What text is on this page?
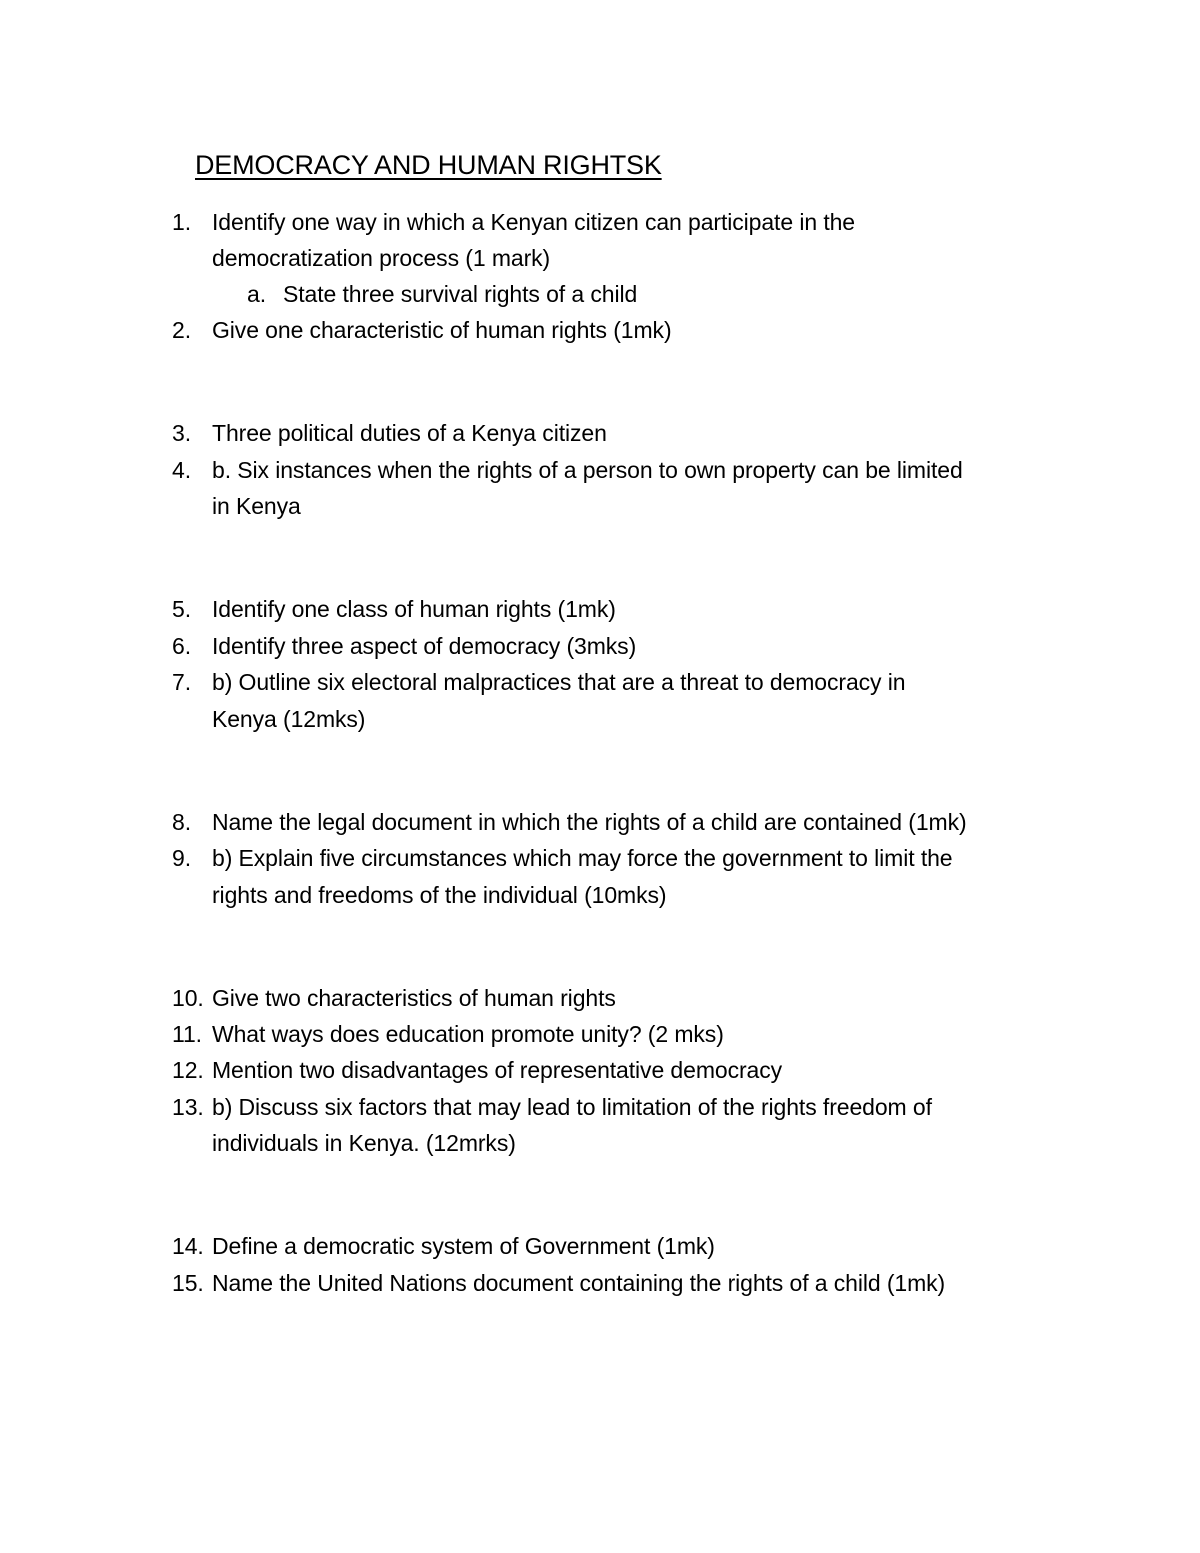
DEMOCRACY AND HUMAN RIGHTSK
1. Identify one way in which a Kenyan citizen can participate in the
democratization process (1 mark)
a. State three survival rights of a child
2. Give one characteristic of human rights (1mk)
3. Three political duties of a Kenya citizen
4. b. Six instances when the rights of a person to own property can be limited
in Kenya
5. Identify one class of human rights (1mk)
6. Identify three aspect of democracy (3mks)
7. b) Outline six electoral malpractices that are a threat to democracy in
Kenya (12mks)
8. Name the legal document in which the rights of a child are contained (1mk)
9. b) Explain five circumstances which may force the government to limit the
rights and freedoms of the individual (10mks)
10. Give two characteristics of human rights
11. What ways does education promote unity? (2 mks)
12. Mention two disadvantages of representative democracy
13. b) Discuss six factors that may lead to limitation of the rights freedom of
individuals in Kenya. (12mrks)
14. Define a democratic system of Government (1mk)
15. Name the United Nations document containing the rights of a child (1mk)
